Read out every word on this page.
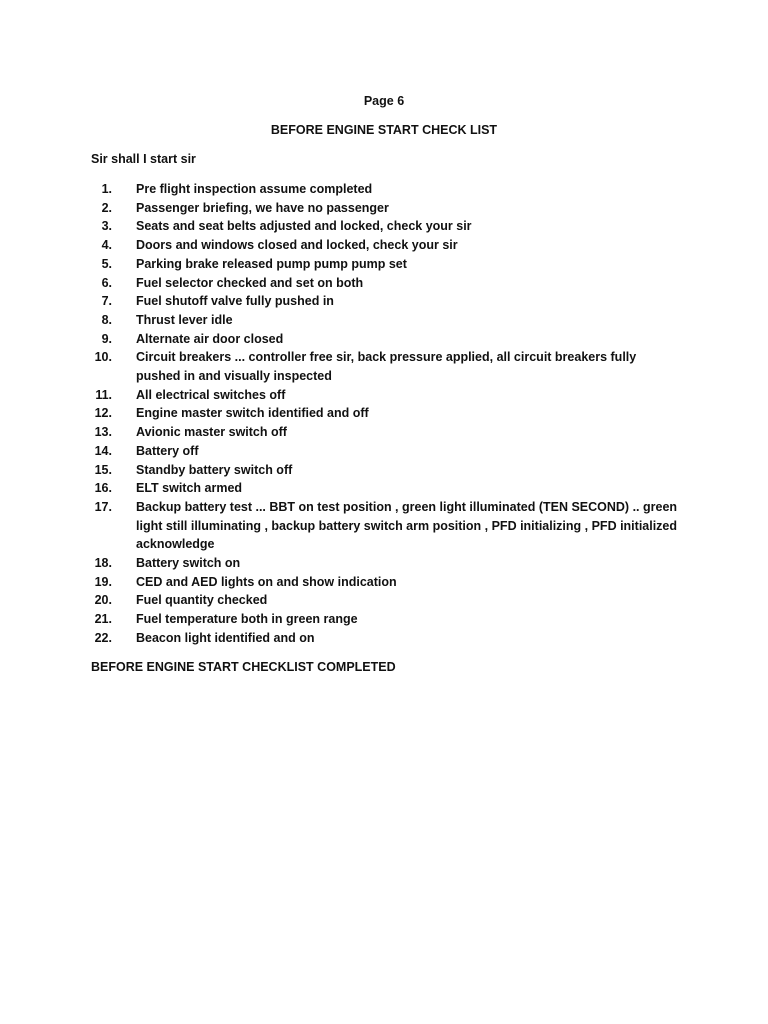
Page 6
BEFORE ENGINE START CHECK LIST
Sir shall I start sir
1. Pre flight inspection assume completed
2. Passenger briefing, we have no passenger
3. Seats and seat belts adjusted and locked, check your sir
4. Doors and windows closed and locked, check your sir
5. Parking brake released pump pump pump set
6. Fuel selector checked and set on both
7. Fuel shutoff valve fully pushed in
8. Thrust lever idle
9. Alternate air door closed
10. Circuit breakers ... controller free sir, back pressure applied, all circuit breakers fully pushed in and visually inspected
11. All electrical switches off
12. Engine master switch identified and off
13. Avionic master switch off
14. Battery off
15. Standby battery switch off
16. ELT switch armed
17. Backup battery test ... BBT on test position , green light illuminated (TEN SECOND) .. green light still illuminating , backup battery switch arm position , PFD initializing , PFD initialized acknowledge
18. Battery switch on
19. CED and AED lights on and show indication
20. Fuel quantity checked
21. Fuel temperature both in green range
22. Beacon light identified and on
BEFORE ENGINE START CHECKLIST COMPLETED
